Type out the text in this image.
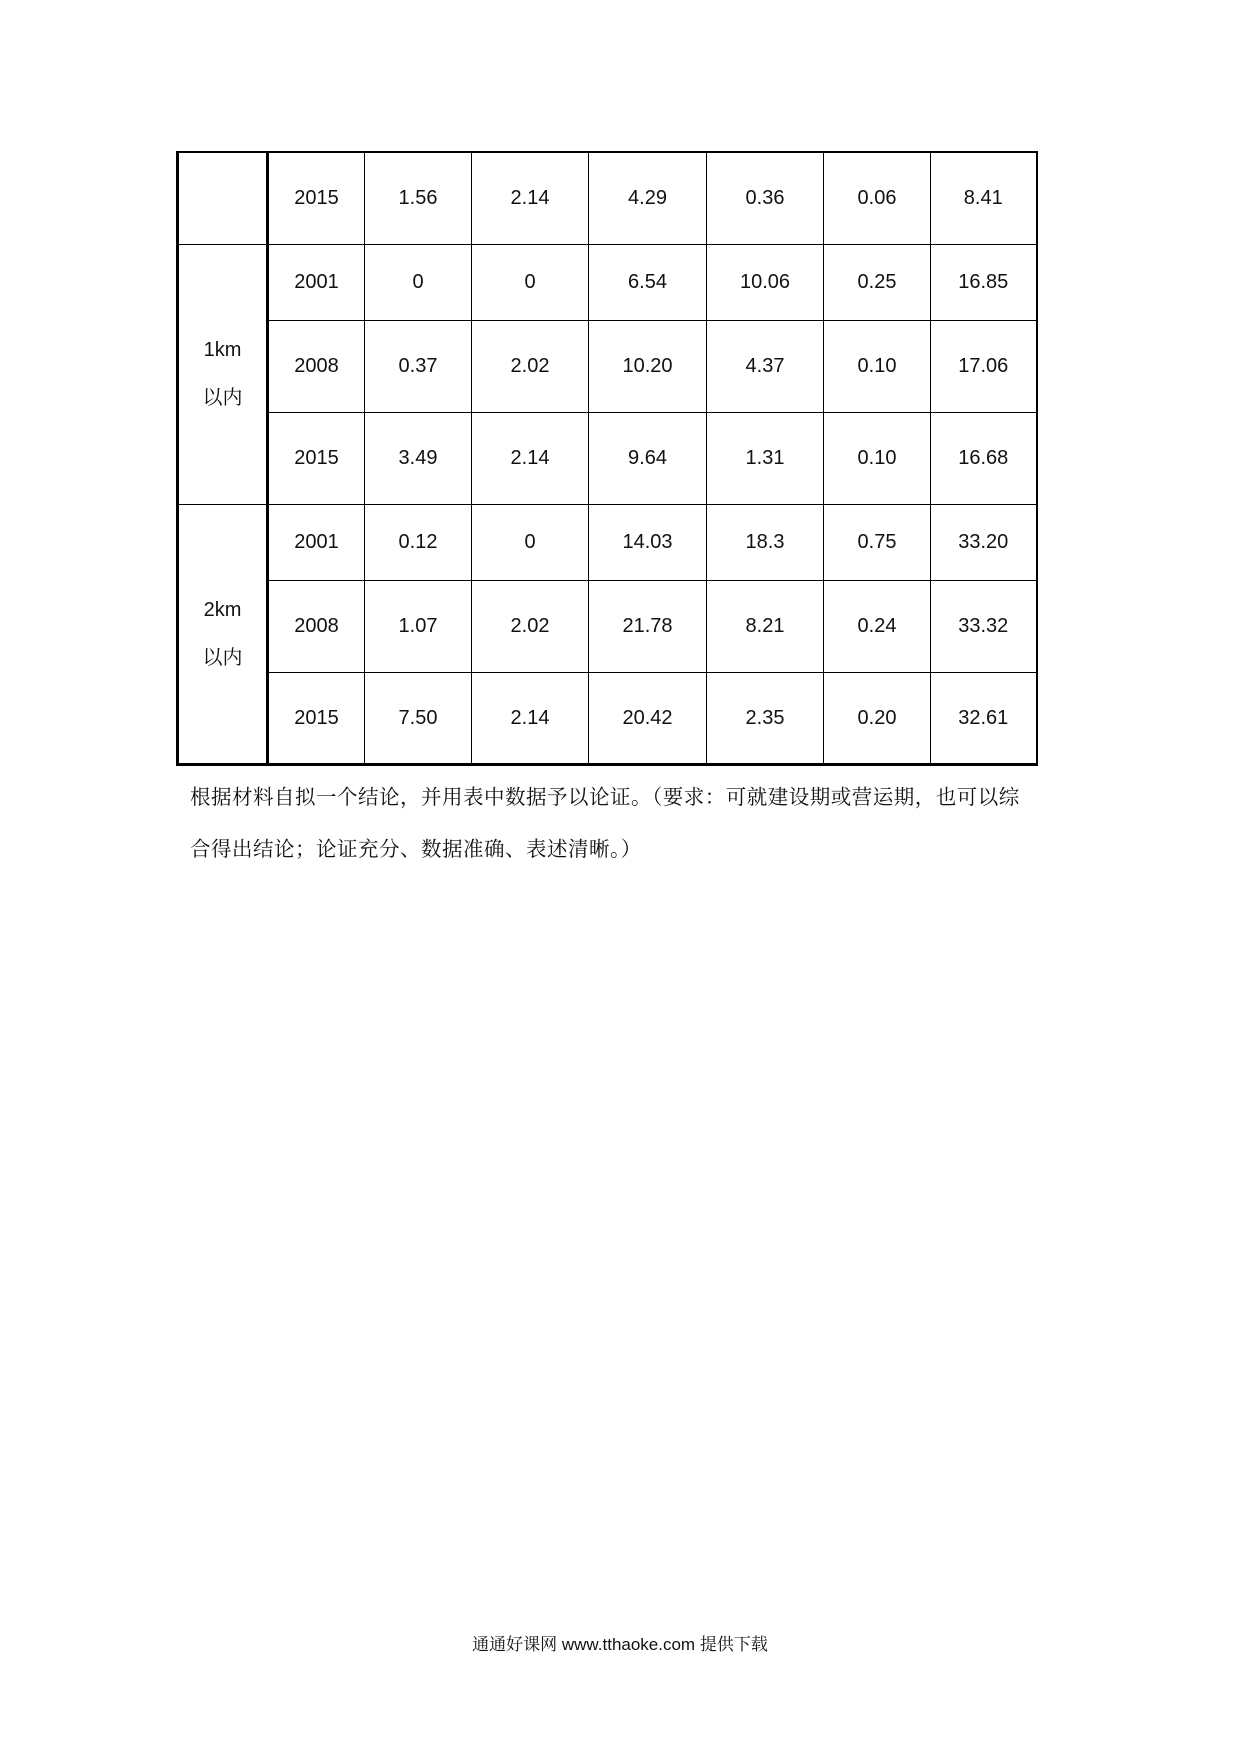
	2015	1.56	2.14	4.29	0.36	0.06	8.41

1km
以内	2001	0	0	6.54	10.06	0.25	16.85
	2008	0.37	2.02	10.20	4.37	0.10	17.06
	2015	3.49	2.14	9.64	1.31	0.10	16.68

2km
以内	2001	0.12	0	14.03	18.3	0.75	33.20
	2008	1.07	2.02	21.78	8.21	0.24	33.32
	2015	7.50	2.14	20.42	2.35	0.20	32.61

根据材料自拟一个结论，并用表中数据予以论证。（要求：可就建设期或营运期，也可以综

合得出结论；论证充分、数据准确、表述清晰。）

通通好课网 www.tthaoke.com 提供下载
